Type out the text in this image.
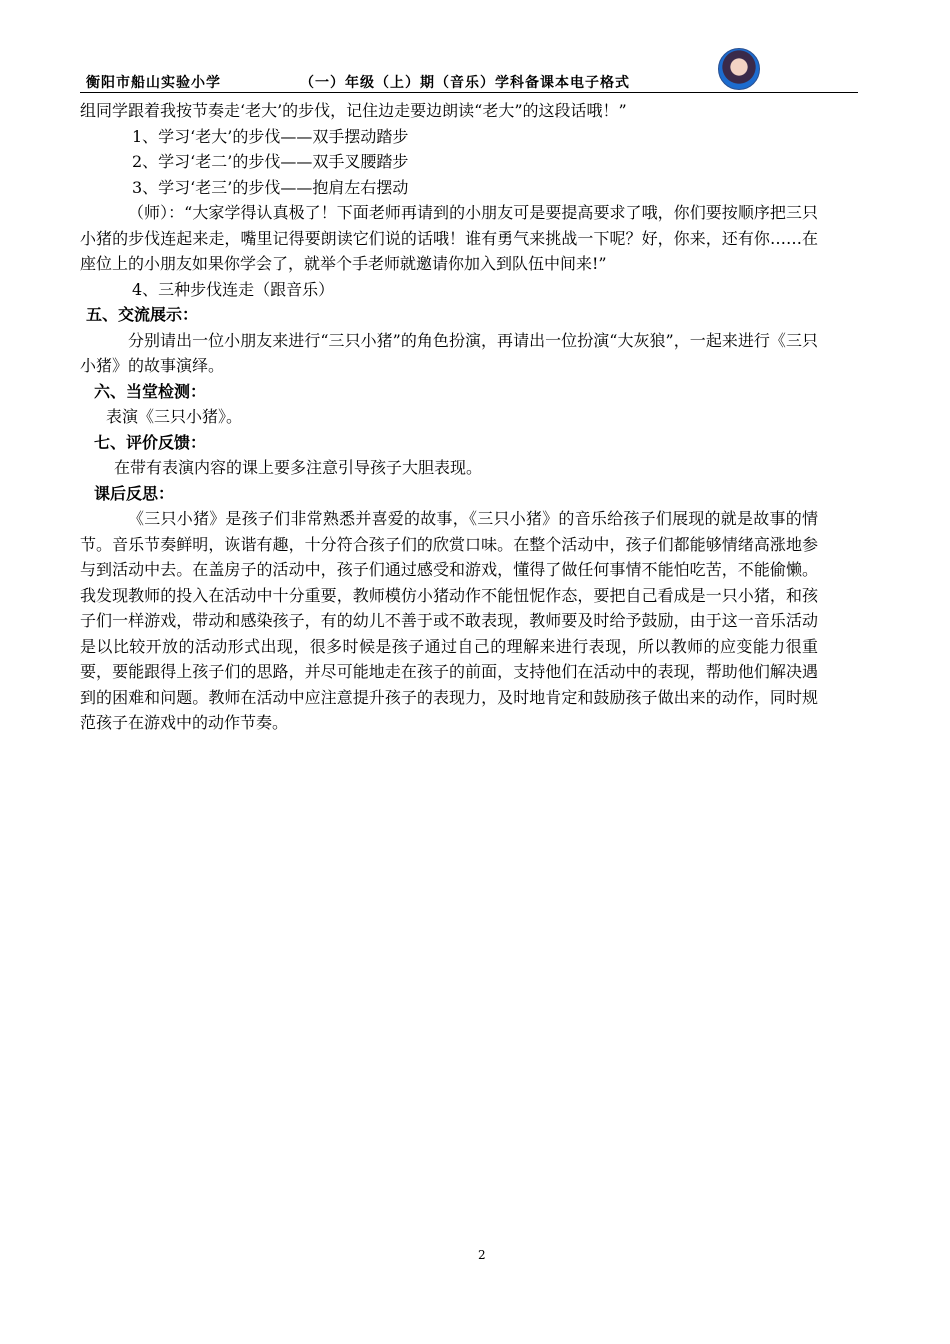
衡阳市船山实验小学	（一）年级（上）期（音乐）学科备课本电子格式

组同学跟着我按节奏走‘老大’的步伐，记住边走要边朗读“老大”的这段话哦！”

1、学习‘老大’的步伐——双手摆动踏步

2、学习‘老二’的步伐——双手叉腰踏步

3、学习‘老三’的步伐——抱肩左右摆动

（师）：“大家学得认真极了！下面老师再请到的小朋友可是要提高要求了哦，你们要按顺序把三只小猪的步伐连起来走，嘴里记得要朗读它们说的话哦！谁有勇气来挑战一下呢？好，你来，还有你……在座位上的小朋友如果你学会了，就举个手老师就邀请你加入到队伍中间来!”

4、三种步伐连走（跟音乐）

五、交流展示：

分别请出一位小朋友来进行“三只小猪”的角色扮演，再请出一位扮演“大灰狼”，一起来进行《三只小猪》的故事演绎。

六、当堂检测：

表演《三只小猪》。

七、评价反馈：

在带有表演内容的课上要多注意引导孩子大胆表现。

课后反思：

《三只小猪》是孩子们非常熟悉并喜爱的故事，《三只小猪》的音乐给孩子们展现的就是故事的情节。音乐节奏鲜明，诙谐有趣，十分符合孩子们的欣赏口味。在整个活动中，孩子们都能够情绪高涨地参与到活动中去。在盖房子的活动中，孩子们通过感受和游戏，懂得了做任何事情不能怕吃苦，不能偷懒。我发现教师的投入在活动中十分重要，教师模仿小猪动作不能忸怩作态，要把自己看成是一只小猪，和孩子们一样游戏，带动和感染孩子，有的幼儿不善于或不敢表现，教师要及时给予鼓励，由于这一音乐活动是以比较开放的活动形式出现，很多时候是孩子通过自己的理解来进行表现，所以教师的应变能力很重要，要能跟得上孩子们的思路，并尽可能地走在孩子的前面，支持他们在活动中的表现，帮助他们解决遇到的困难和问题。教师在活动中应注意提升孩子的表现力，及时地肯定和鼓励孩子做出来的动作，同时规范孩子在游戏中的动作节奏。

2
